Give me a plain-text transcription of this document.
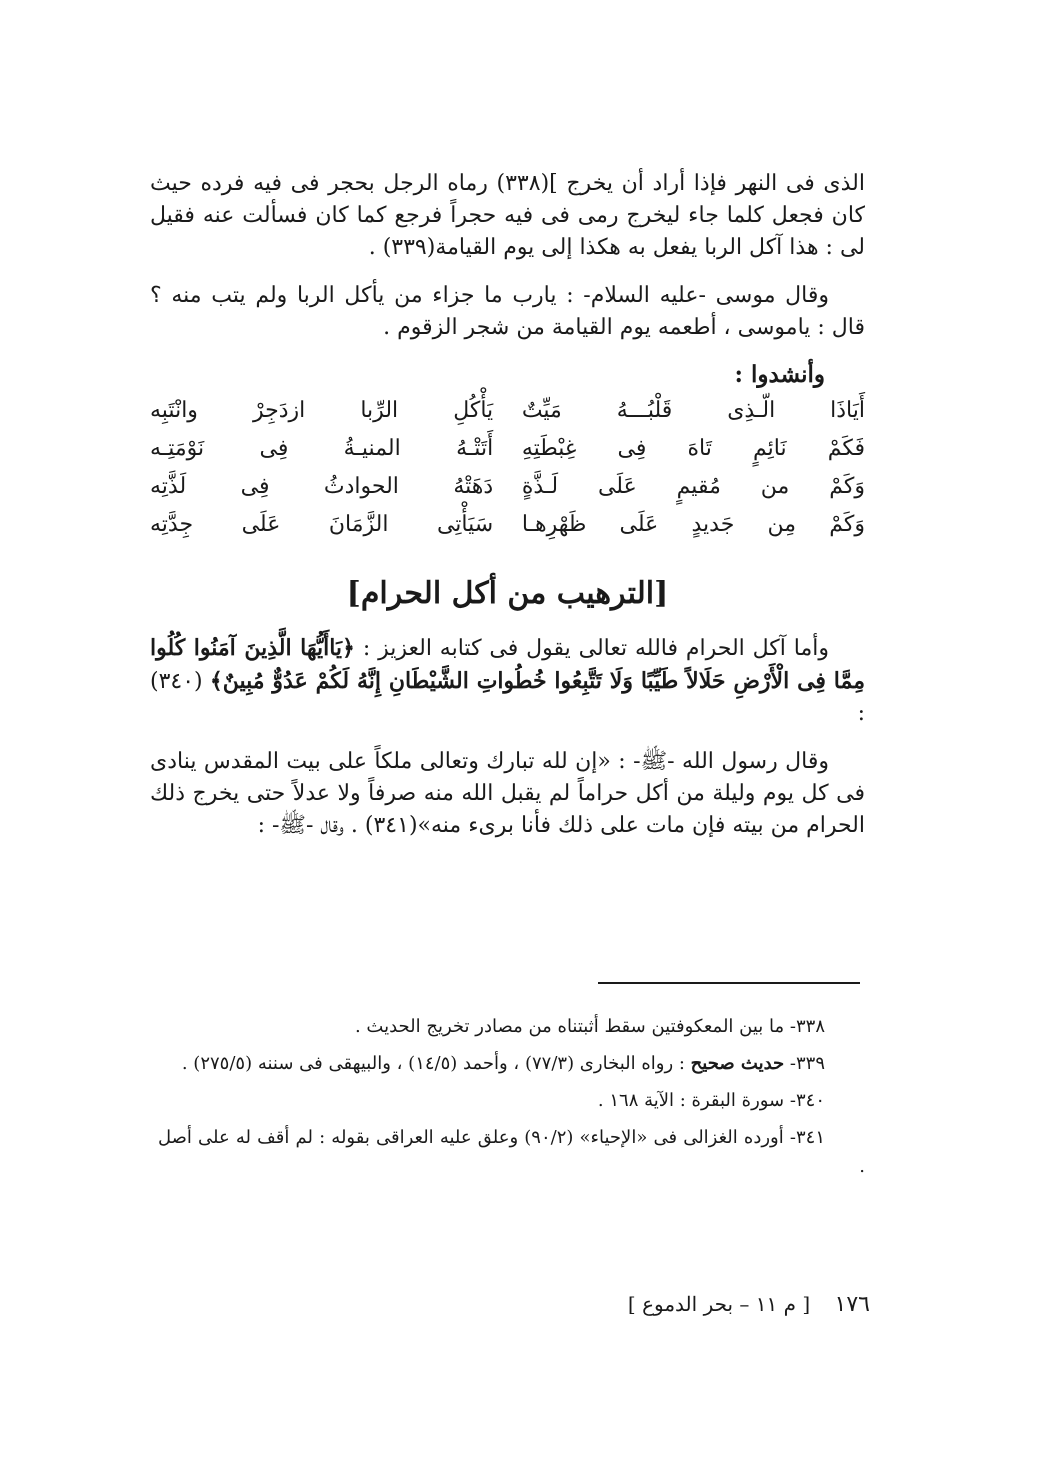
الذى فى النهر فإذا أراد أن يخرج ](٣٣٨) رماه الرجل بحجر فى فيه فرده حيث كان فجعل كلما جاء ليخرج رمى فى فيه حجراً فرجع كما كان فسألت عنه فقيل لى : هذا آكل الربا يفعل به هكذا إلى يوم القيامة(٣٣٩) .

وقال موسى -عليه السلام- : يارب ما جزاء من يأكل الربا ولم يتب منه ؟ قال : ياموسى ، أطعمه يوم القيامة من شجر الزقوم .

وأنشدوا :
أَيَاذَا الّـذِى قَلْبُـــهُ مَيِّتٌ
يَأْكُلِ الرِّبا ازدَجِرْ وانْتَبِه
فَكَمْ نَائِمٍ تَاهَ فِى غِبْطَتِهِ
أَتَتْـهُ المنيـةُ فِى نَوْمَتِـه
وَكَمْ من مُقيمٍ عَلَى لَـذَّةٍ
دَهَتْهُ الحوادثُ فِى لَذَّتِه
وَكَمْ مِن جَديدٍ عَلَى ظَهْرِهـا
سَيَأْتِى الزَّمَانَ عَلَى جِدَّتِه
[الترهيب من أكل الحرام]

وأما آكل الحرام فالله تعالى يقول فى كتابه العزيز : ﴿يَاأَيُّهَا الَّذِينَ آمَنُوا كُلُوا مِمَّا فِى الْأَرْضِ حَلَالاً طَيِّبًا وَلَا تَتَّبِعُوا خُطُواتِ الشَّيْطَانِ إِنَّهُ لَكُمْ عَدُوٌّ مُبِينٌ﴾ (٣٤٠) :

وقال رسول الله -ﷺ- : «إن لله تبارك وتعالى ملكاً على بيت المقدس ينادى فى كل يوم وليلة من أكل حراماً لم يقبل الله منه صرفاً ولا عدلاً حتى يخرج ذلك الحرام من بيته فإن مات على ذلك فأنا برىء منه»(٣٤١) . وقال -ﷺ- :

٣٣٨- ما بين المعكوفتين سقط أثبتناه من مصادر تخريج الحديث .

٣٣٩- حديث صحيح : رواه البخارى (٧٧/٣) ، وأحمد (١٤/٥) ، والبيهقى فى سننه (٢٧٥/٥) .

٣٤٠- سورة البقرة : الآية ١٦٨ .

٣٤١- أورده الغزالى فى «الإحياء» (٩٠/٢) وعلق عليه العراقى بقوله : لم أقف له على أصل .

١٧٦ [ م ١١ – بحر الدموع ]
